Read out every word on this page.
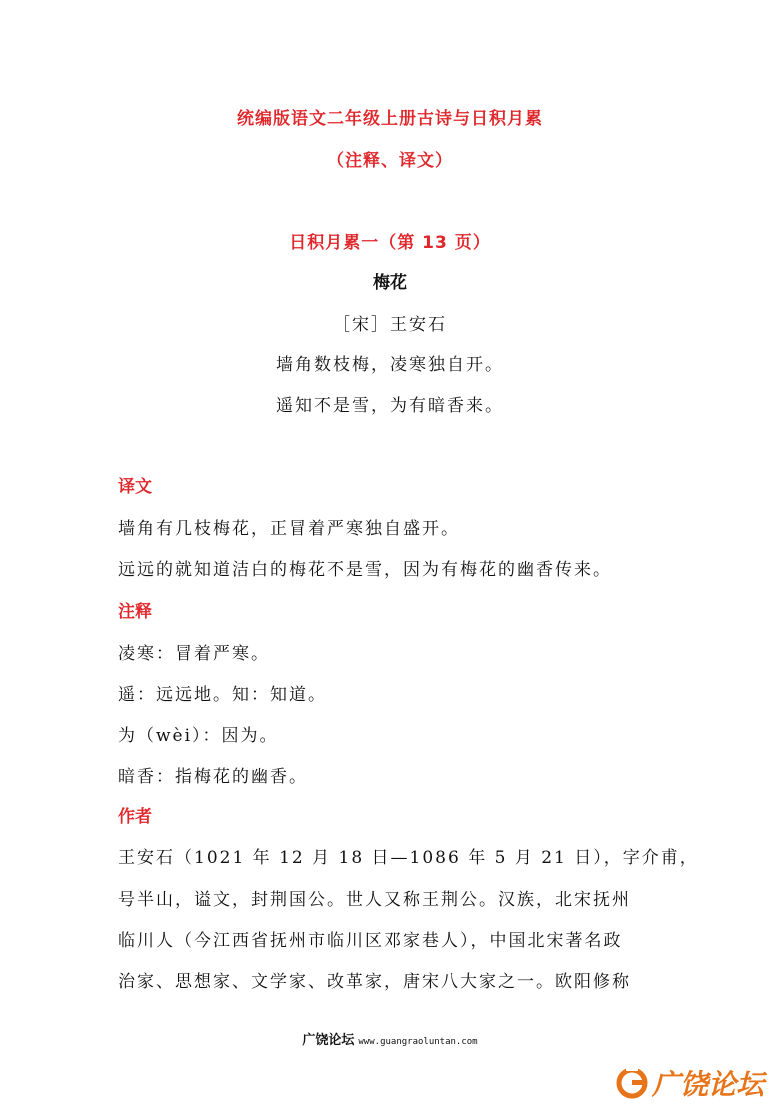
统编版语文二年级上册古诗与日积月累
（注释、译文）
日积月累一（第 13 页）
梅花
［宋］王安石
墙角数枝梅，凌寒独自开。
遥知不是雪，为有暗香来。
译文
墙角有几枝梅花，正冒着严寒独自盛开。
远远的就知道洁白的梅花不是雪，因为有梅花的幽香传来。
注释
凌寒：冒着严寒。
遥：远远地。知：知道。
为（wèi）：因为。
暗香：指梅花的幽香。
作者
王安石（1021 年 12 月 18 日—1086 年 5 月 21 日），字介甫，
号半山，谥文，封荆国公。世人又称王荆公。汉族，北宋抚州
临川人（今江西省抚州市临川区邓家巷人），中国北宋著名政
治家、思想家、文学家、改革家，唐宋八大家之一。欧阳修称
广饶论坛 www.guangraoluntan.com
广饶论坛
